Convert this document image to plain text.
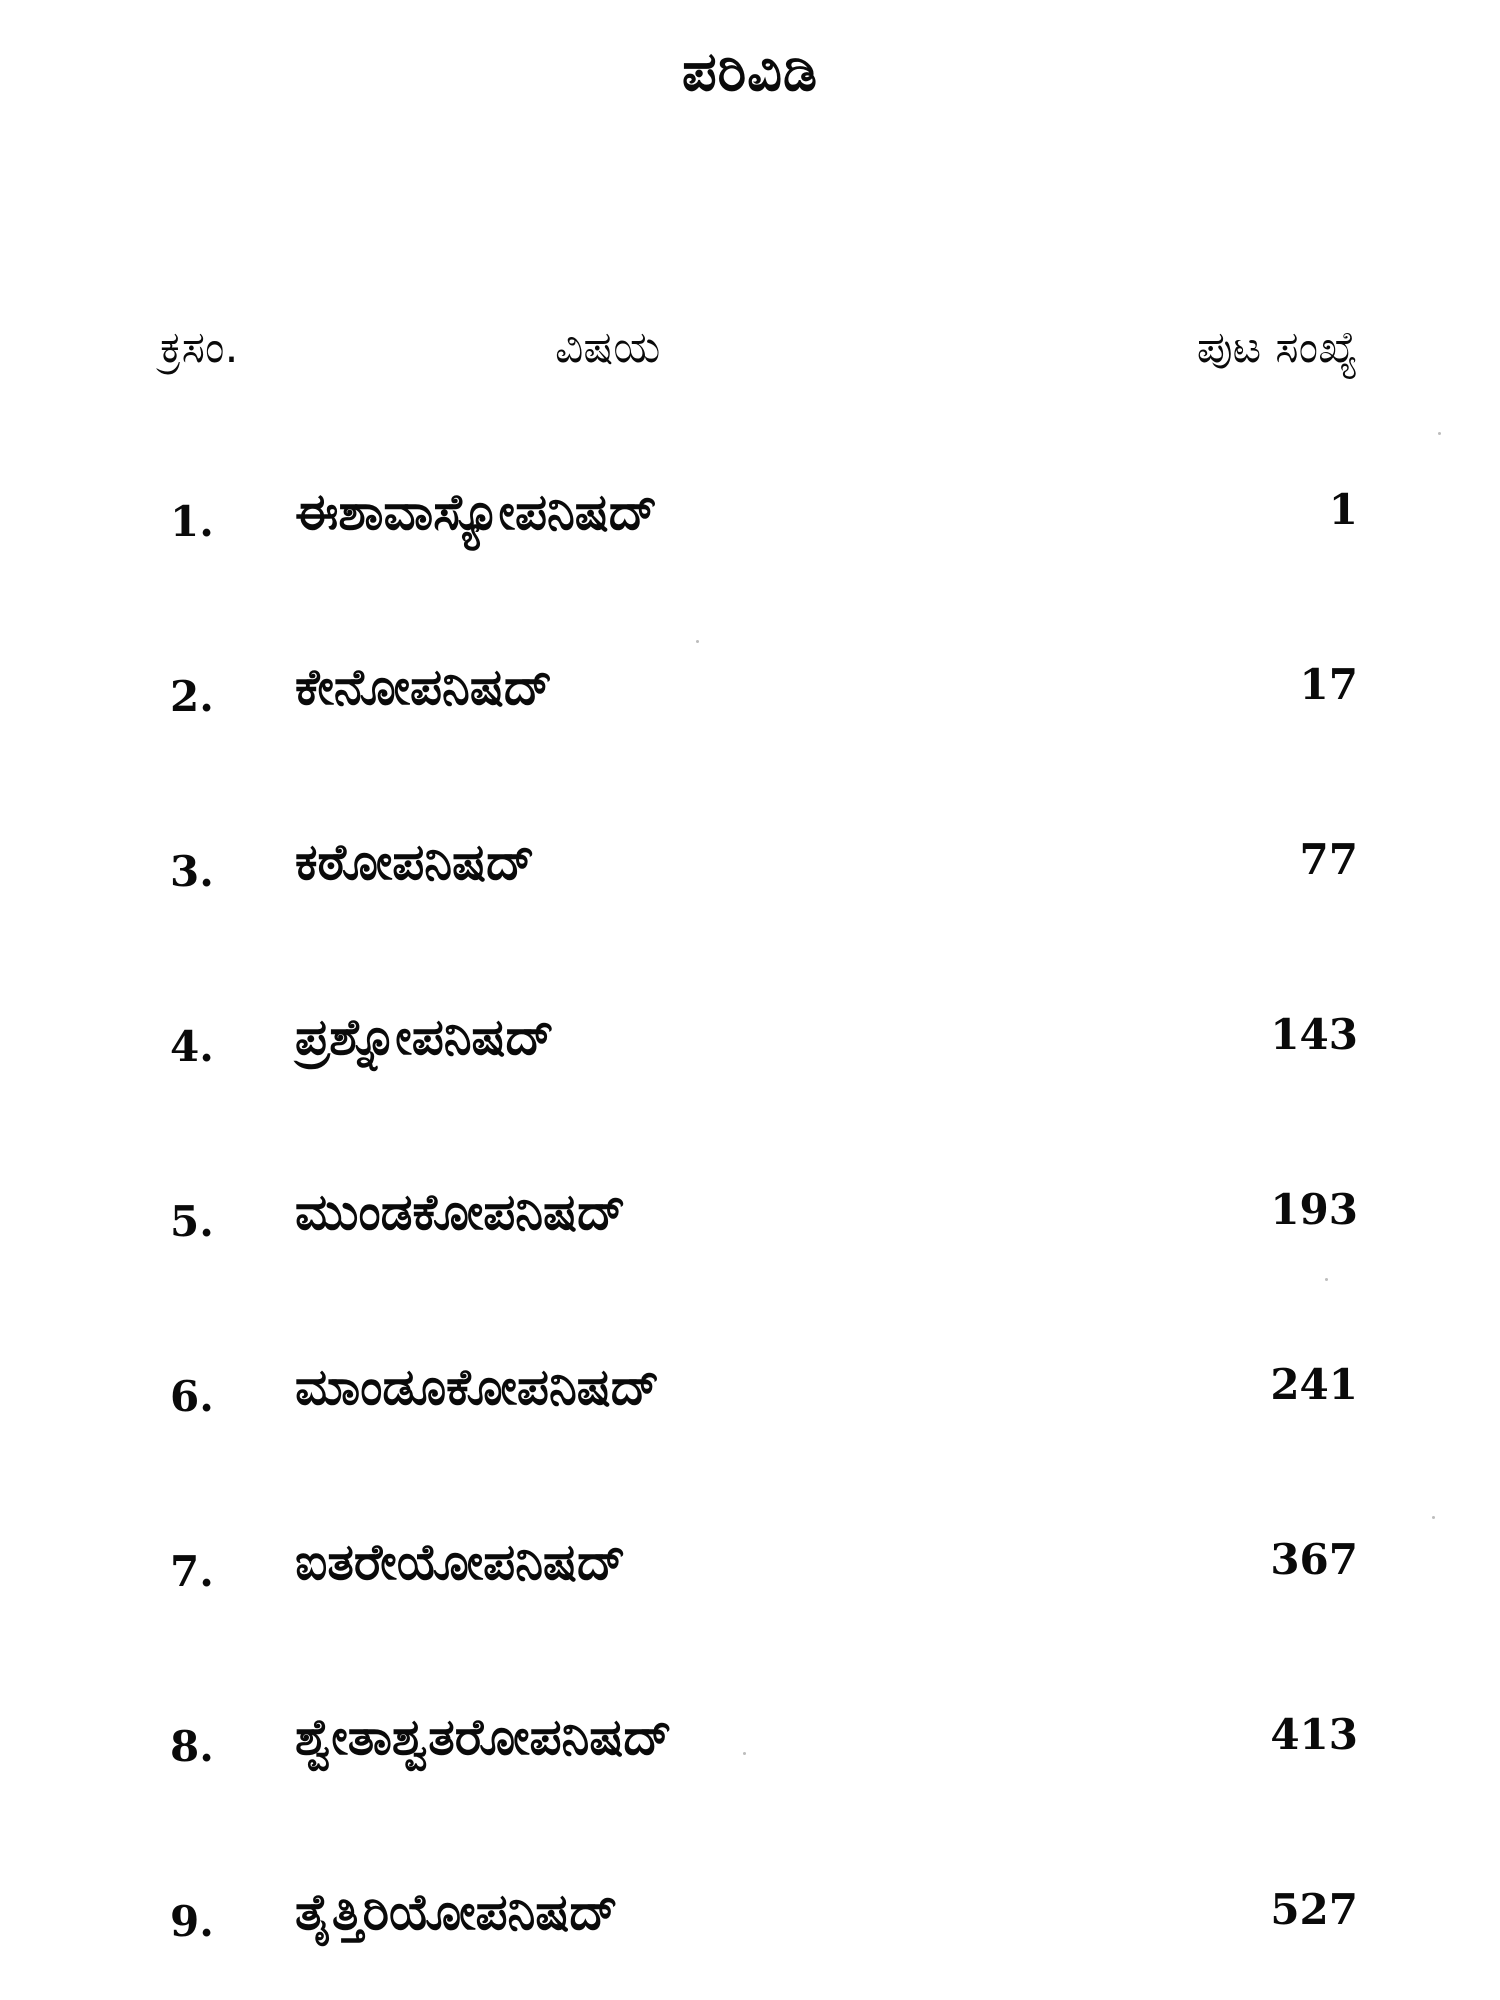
ಪರಿವಿಡಿ
ಕ್ರಸಂ.	ವಿಷಯ	ಪುಟ ಸಂಖ್ಯೆ
1. ಈಶಾವಾಸ್ಯೋಪನಿಷದ್	1
2. ಕೇನೋಪನಿಷದ್	17
3. ಕಠೋಪನಿಷದ್	77
4. ಪ್ರಶ್ನೋಪನಿಷದ್	143
5. ಮುಂಡಕೋಪನಿಷದ್	193
6. ಮಾಂಡೂಕೋಪನಿಷದ್	241
7. ಐತರೇಯೋಪನಿಷದ್	367
8. ಶ್ವೇತಾಶ್ವತರೋಪನಿಷದ್	413
9. ತೈತ್ತಿರಿಯೋಪನಿಷದ್	527
